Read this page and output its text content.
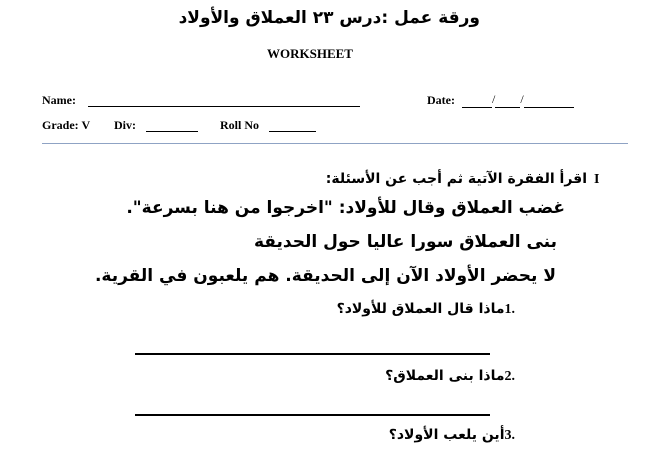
ورقة عمل :درس ٢٣ العملاق والأولاد
WORKSHEET
Name:	Date:	/ /
Grade: V Div:	Roll No
I
اقرأ الفقرة الآتية ثم أجب عن الأسئلة:
غضب العملاق وقال للأولاد: "اخرجوا من هنا بسرعة".
بنى العملاق سورا عاليا حول الحديقة
لا يحضر الأولاد الآن إلى الحديقة. هم يلعبون في القرية.
ماذا قال العملاق للأولاد؟1.
ماذا بنى العملاق؟2.
أين يلعب الأولاد؟3.
